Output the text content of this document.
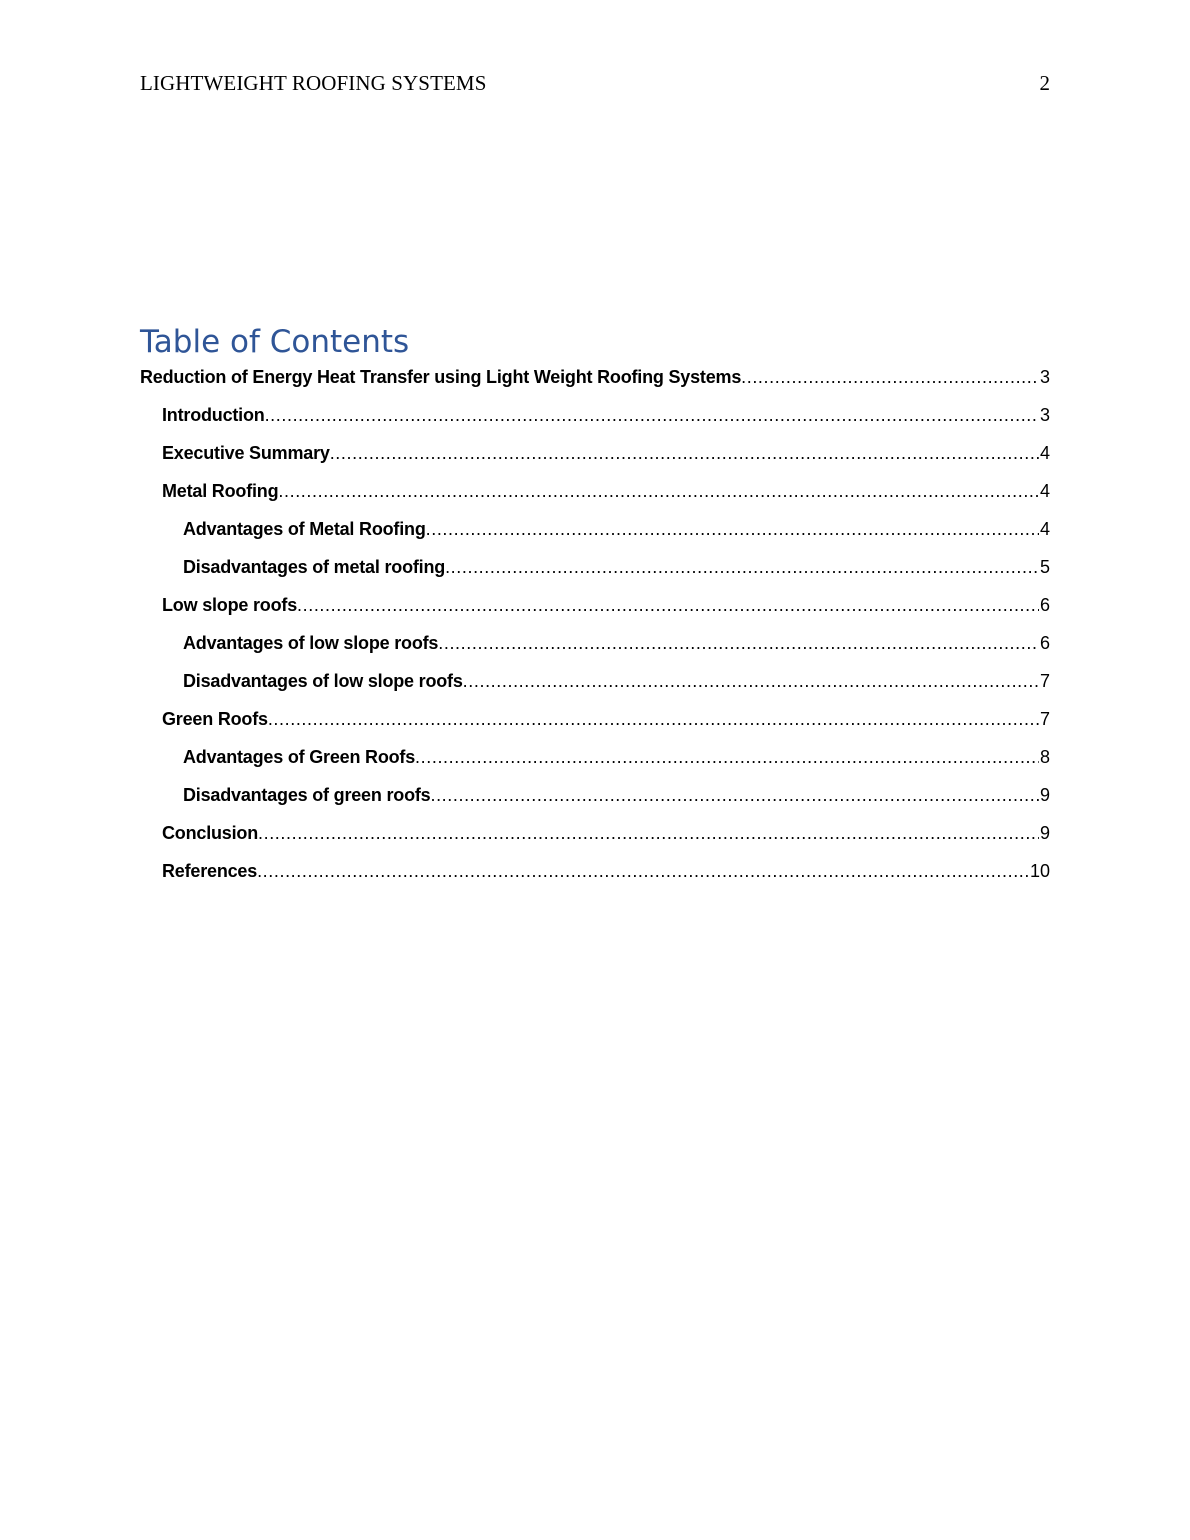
LIGHTWEIGHT ROOFING SYSTEMS	2
Table of Contents
Reduction of Energy Heat Transfer using Light Weight Roofing Systems .....	3
Introduction .....	3
Executive Summary .....	4
Metal Roofing .....	4
Advantages of Metal Roofing .....	4
Disadvantages of metal roofing .....	5
Low slope roofs .....	6
Advantages of low slope roofs .....	6
Disadvantages of low slope roofs .....	7
Green Roofs .....	7
Advantages of Green Roofs .....	8
Disadvantages of green roofs .....	9
Conclusion .....	9
References .....	10
